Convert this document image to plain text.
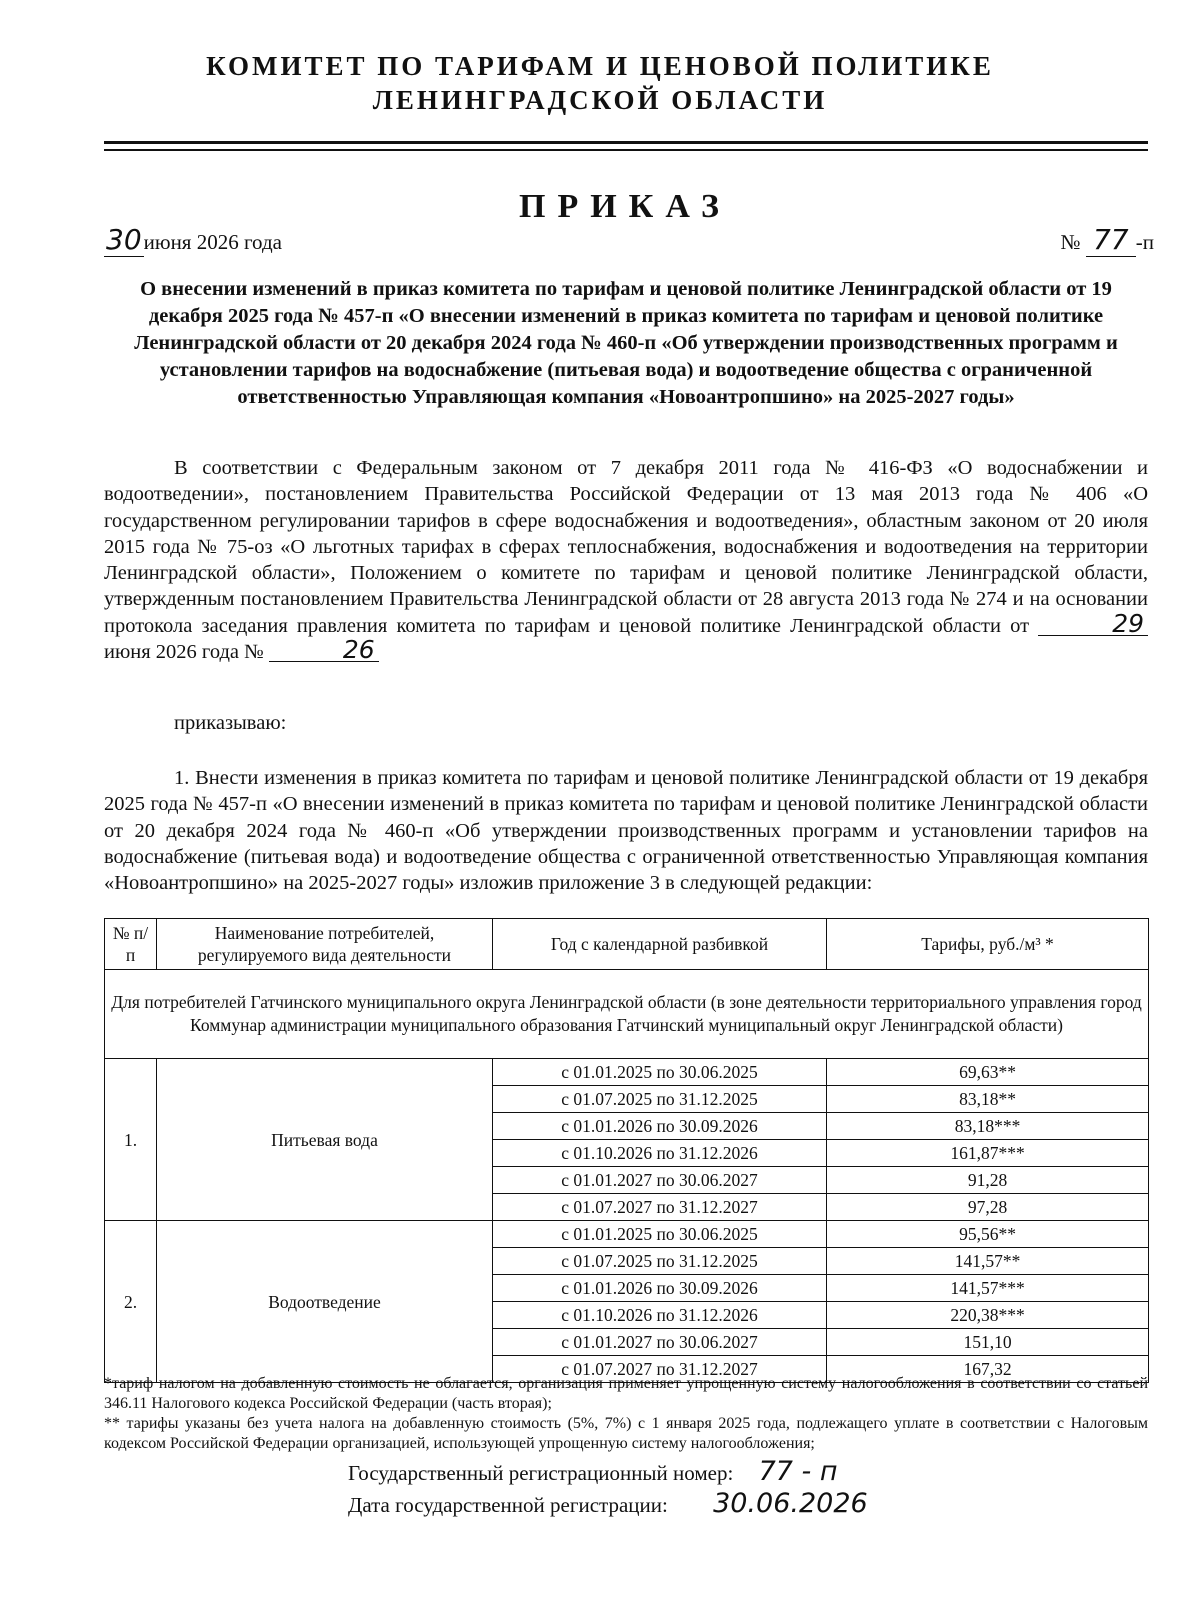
КОМИТЕТ ПО ТАРИФАМ И ЦЕНОВОЙ ПОЛИТИКЕ
ЛЕНИНГРАДСКОЙ ОБЛАСТИ
ПРИКАЗ
30июня 2026 года	№ 77 -п
О внесении изменений в приказ комитета по тарифам и ценовой политике Ленинградской области от 19 декабря 2025 года № 457-п «О внесении изменений в приказ комитета по тарифам и ценовой политике Ленинградской области от 20 декабря 2024 года № 460-п «Об утверждении производственных программ и установлении тарифов на водоснабжение (питьевая вода) и водоотведение общества с ограниченной ответственностью Управляющая компания «Новоантропшино» на 2025-2027 годы»
В соответствии с Федеральным законом от 7 декабря 2011 года № 416-ФЗ «О водоснабжении и водоотведении», постановлением Правительства Российской Федерации от 13 мая 2013 года № 406 «О государственном регулировании тарифов в сфере водоснабжения и водоотведения», областным законом от 20 июля 2015 года № 75-оз «О льготных тарифах в сферах теплоснабжения, водоснабжения и водоотведения на территории Ленинградской области», Положением о комитете по тарифам и ценовой политике Ленинградской области, утвержденным постановлением Правительства Ленинградской области от 28 августа 2013 года № 274 и на основании протокола заседания правления комитета по тарифам и ценовой политике Ленинградской области от	29 июня 2026 года №	26
приказываю:
1. Внести изменения в приказ комитета по тарифам и ценовой политике Ленинградской области от 19 декабря 2025 года № 457-п «О внесении изменений в приказ комитета по тарифам и ценовой политике Ленинградской области от 20 декабря 2024 года № 460-п «Об утверждении производственных программ и установлении тарифов на водоснабжение (питьевая вода) и водоотведение общества с ограниченной ответственностью Управляющая компания «Новоантропшино» на 2025-2027 годы» изложив приложение 3 в следующей редакции:
№ п/п	Наименование потребителей, регулируемого вида деятельности	Год с календарной разбивкой	Тарифы, руб./м³ *
Для потребителей Гатчинского муниципального округа Ленинградской области (в зоне деятельности территориального управления город Коммунар администрации муниципального образования Гатчинский муниципальный округ Ленинградской области)			
1.	Питьевая вода	с 01.01.2025 по 30.06.2025	69,63**
		с 01.07.2025 по 31.12.2025	83,18**
		с 01.01.2026 по 30.09.2026	83,18***
		с 01.10.2026 по 31.12.2026	161,87***
		с 01.01.2027 по 30.06.2027	91,28
		с 01.07.2027 по 31.12.2027	97,28
2.	Водоотведение	с 01.01.2025 по 30.06.2025	95,56**
		с 01.07.2025 по 31.12.2025	141,57**
		с 01.01.2026 по 30.09.2026	141,57***
		с 01.10.2026 по 31.12.2026	220,38***
		с 01.01.2027 по 30.06.2027	151,10
		с 01.07.2027 по 31.12.2027	167,32

*тариф налогом на добавленную стоимость не облагается, организация применяет упрощенную систему налогообложения в соответствии со статьей 346.11 Налогового кодекса Российской Федерации (часть вторая);

** тарифы указаны без учета налога на добавленную стоимость (5%, 7%) с 1 января 2025 года, подлежащего уплате в соответствии с Налоговым кодексом Российской Федерации организацией, использующей упрощенную систему налогообложения;

Государственный регистрационный номер: 77 - п
Дата государственной регистрации: 30.06.2026
